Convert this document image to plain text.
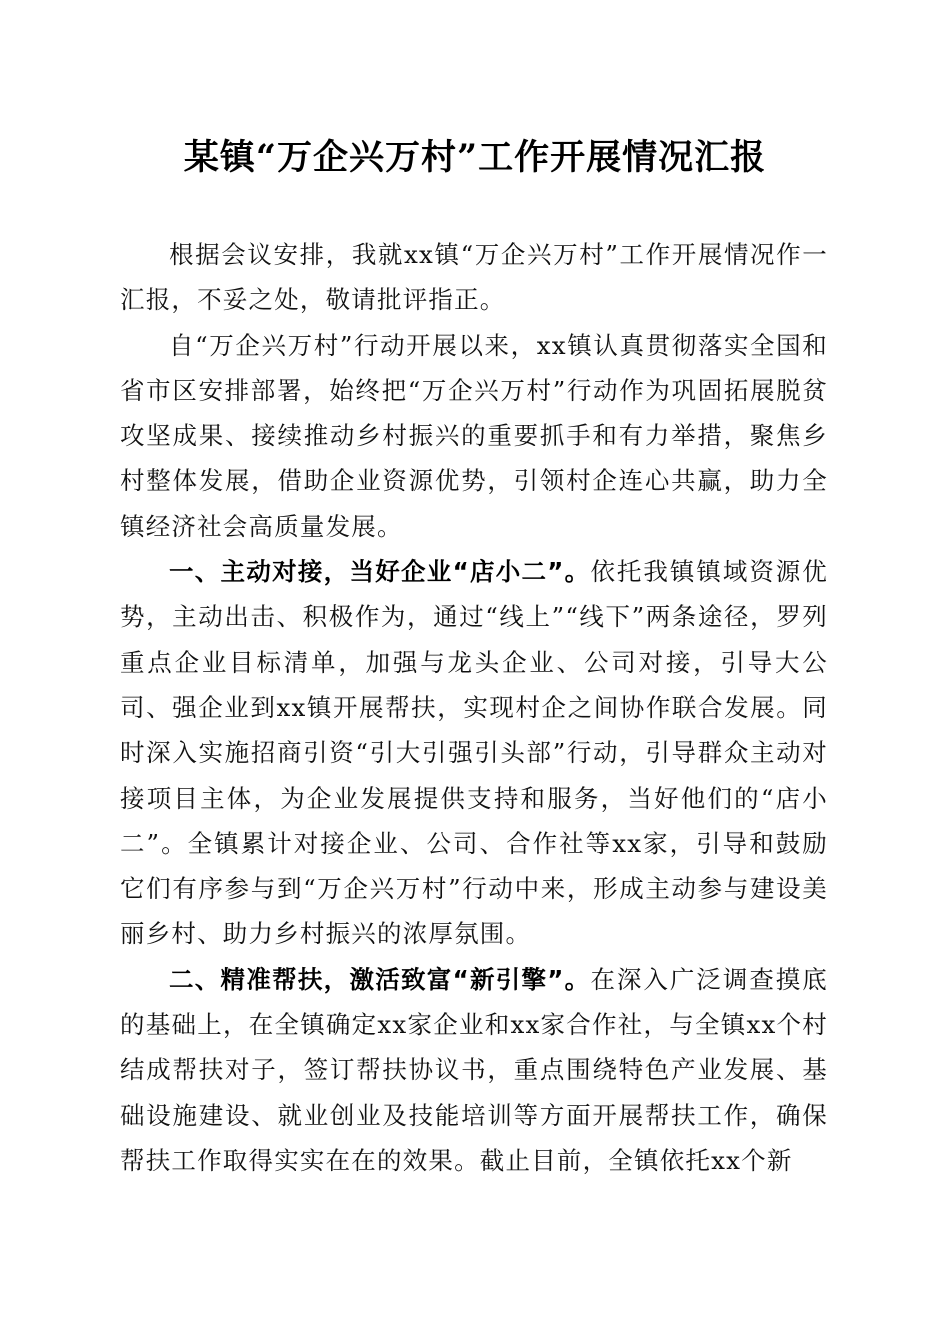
某镇“万企兴万村”工作开展情况汇报

根据会议安排，我就xx镇“万企兴万村”工作开展情况作一汇报，不妥之处，敬请批评指正。

自“万企兴万村”行动开展以来，xx镇认真贯彻落实全国和省市区安排部署，始终把“万企兴万村”行动作为巩固拓展脱贫攻坚成果、接续推动乡村振兴的重要抓手和有力举措，聚焦乡村整体发展，借助企业资源优势，引领村企连心共赢，助力全镇经济社会高质量发展。

一、主动对接，当好企业“店小二”。依托我镇镇域资源优势，主动出击、积极作为，通过“线上”“线下”两条途径，罗列重点企业目标清单，加强与龙头企业、公司对接，引导大公司、强企业到xx镇开展帮扶，实现村企之间协作联合发展。同时深入实施招商引资“引大引强引头部”行动，引导群众主动对接项目主体，为企业发展提供支持和服务，当好他们的“店小二”。全镇累计对接企业、公司、合作社等xx家，引导和鼓励它们有序参与到“万企兴万村”行动中来，形成主动参与建设美丽乡村、助力乡村振兴的浓厚氛围。

二、精准帮扶，激活致富“新引擎”。在深入广泛调查摸底的基础上，在全镇确定xx家企业和xx家合作社，与全镇xx个村结成帮扶对子，签订帮扶协议书，重点围绕特色产业发展、基础设施建设、就业创业及技能培训等方面开展帮扶工作，确保帮扶工作取得实实在在的效果。截止目前，全镇依托xx个新
